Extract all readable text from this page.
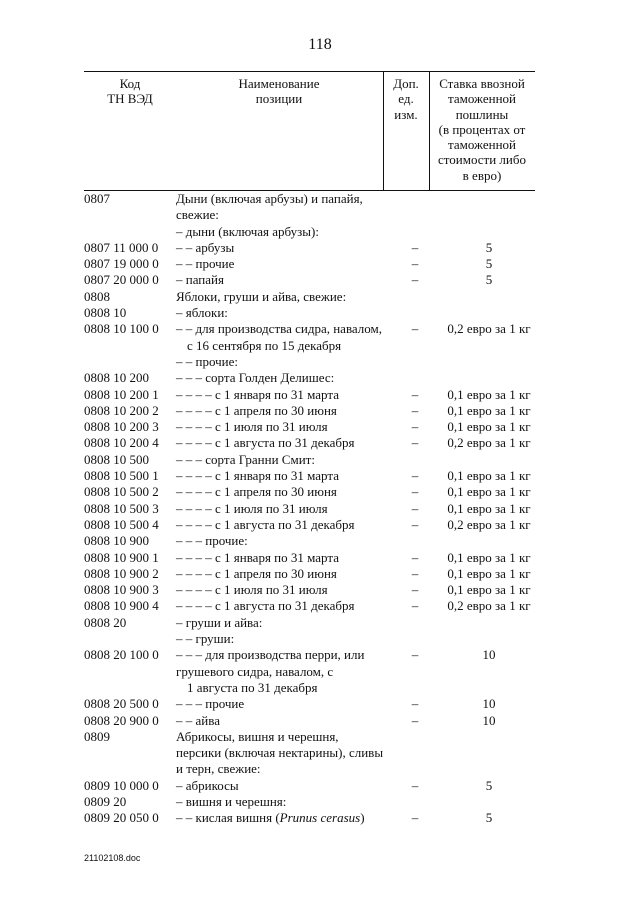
118
Код
ТН ВЭД
Наименование
позиции
Доп.
ед.
изм.
Ставка ввозной
таможенной
пошлины
(в процентах от
таможенной
стоимости либо
в евро)
0807	Дыни (включая арбузы) и папайя,
свежие:
– дыни (включая арбузы):
0807 11 000 0	– – арбузы	–	5
0807 19 000 0	– – прочие	–	5
0807 20 000 0	– папайя	–	5
0808	Яблоки, груши и айва, свежие:
0808 10	– яблоки:
0808 10 100 0	– – для производства сидра, навалом,
с 16 сентября по 15 декабря
–	0,2 евро за 1 кг
– – прочие:
0808 10 200	– – – сорта Голден Делишес:
0808 10 200 1	– – – – с 1 января по 31 марта	–	0,1 евро за 1 кг
0808 10 200 2	– – – – с 1 апреля по 30 июня	–	0,1 евро за 1 кг
0808 10 200 3	– – – – с 1 июля по 31 июля	–	0,1 евро за 1 кг
0808 10 200 4	– – – – с 1 августа по 31 декабря	–	0,2 евро за 1 кг
0808 10 500	– – – сорта Гранни Смит:
0808 10 500 1	– – – – с 1 января по 31 марта	–	0,1 евро за 1 кг
0808 10 500 2	– – – – с 1 апреля по 30 июня	–	0,1 евро за 1 кг
0808 10 500 3	– – – – с 1 июля по 31 июля	–	0,1 евро за 1 кг
0808 10 500 4	– – – – с 1 августа по 31 декабря	–	0,2 евро за 1 кг
0808 10 900	– – – прочие:
0808 10 900 1	– – – – с 1 января по 31 марта	–	0,1 евро за 1 кг
0808 10 900 2	– – – – с 1 апреля по 30 июня	–	0,1 евро за 1 кг
0808 10 900 3	– – – – с 1 июля по 31 июля	–	0,1 евро за 1 кг
0808 10 900 4	– – – – с 1 августа по 31 декабря	–	0,2 евро за 1 кг
0808 20	– груши и айва:
– – груши:
0808 20 100 0	– – – для производства перри, или
грушевого сидра, навалом, с
1 августа по 31 декабря
–	10
0808 20 500 0	– – – прочие	–	10
0808 20 900 0	– – айва	–	10
0809	Абрикосы, вишня и черешня,
персики (включая нектарины), сливы
и терн, свежие:
0809 10 000 0	– абрикосы	–	5
0809 20	– вишня и черешня:
0809 20 050 0	– – кислая вишня (Prunus cerasus)	–	5
21102108.doc
